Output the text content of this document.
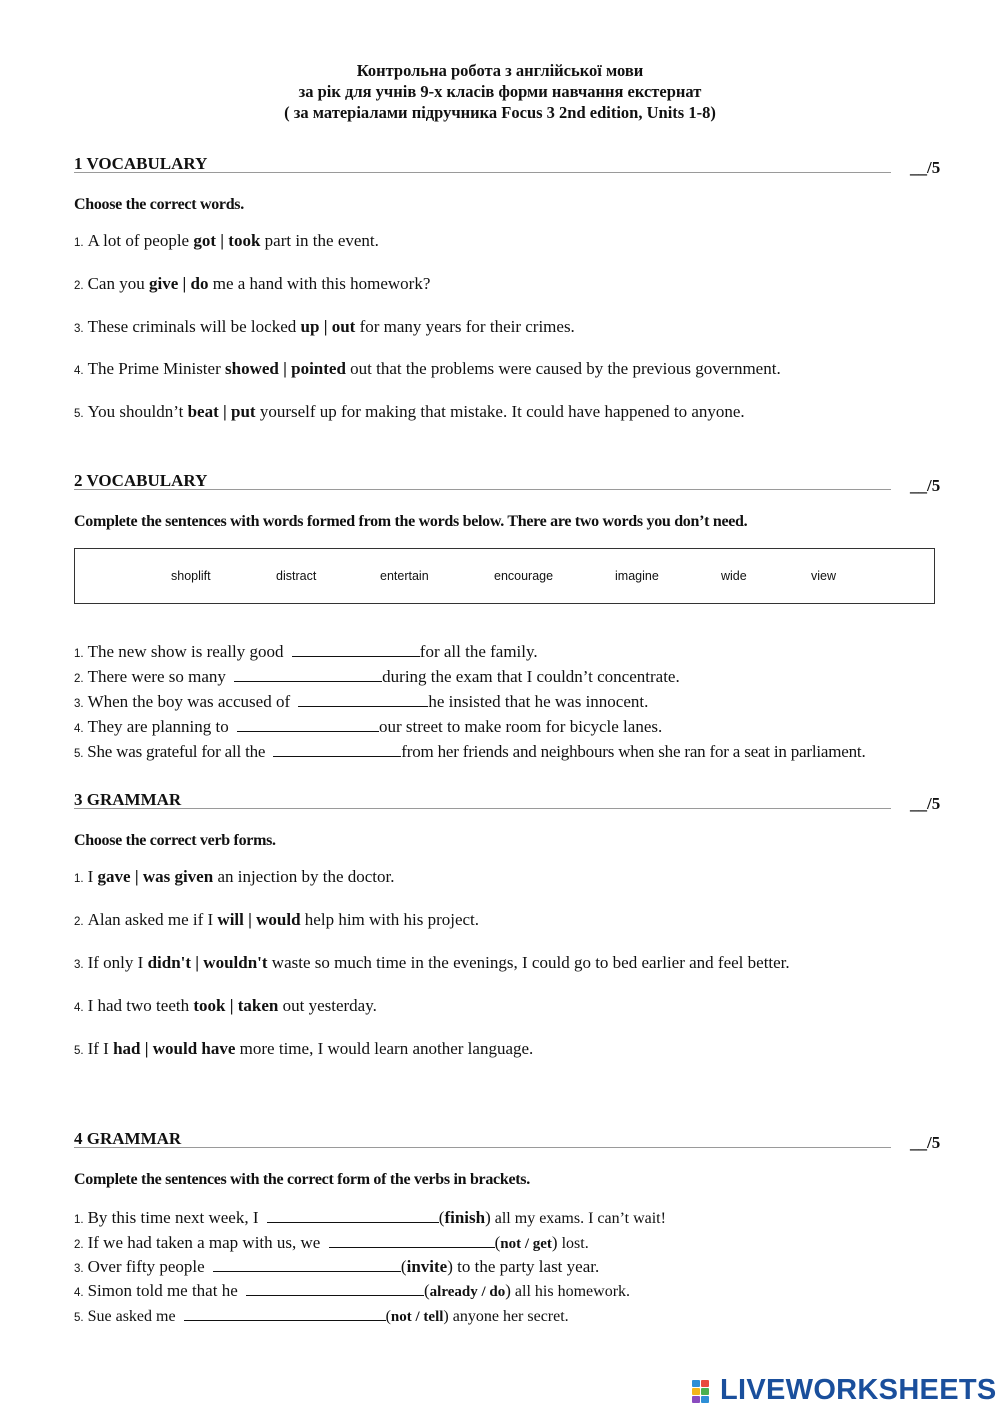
Контрольна робота з англійської мови
за рік для учнів 9-х класів форми навчання екстернат
( за матеріалами підручника Focus 3 2nd edition, Units 1-8)
1 VOCABULARY	__/5
Choose the correct words.
1. A lot of people got | took part in the event.
2. Can you give | do me a hand with this homework?
3. These criminals will be locked up | out for many years for their crimes.
4. The Prime Minister showed | pointed out that the problems were caused by the previous government.
5. You shouldn’t beat | put yourself up for making that mistake. It could have happened to anyone.
2 VOCABULARY	__/5
Complete the sentences with words formed from the words below. There are two words you don’t need.
shoplift	distract	entertain	encourage	imagine	wide	view
1. The new show is really good	for all the family.
2. There were so many	during the exam that I couldn’t concentrate.
3. When the boy was accused of	he insisted that he was innocent.
4. They are planning to	our street to make room for bicycle lanes.
5. She was grateful for all the	from her friends and neighbours when she ran for a seat in parliament.
3 GRAMMAR	__/5
Choose the correct verb forms.
1. I gave | was given an injection by the doctor.
2. Alan asked me if I will | would help him with his project.
3. If only I didn't | wouldn't waste so much time in the evenings, I could go to bed earlier and feel better.
4. I had two teeth took | taken out yesterday.
5. If I had | would have more time, I would learn another language.
4 GRAMMAR	__/5
Complete the sentences with the correct form of the verbs in brackets.
1. By this time next week, I	(finish) all my exams. I can’t wait!
2. If we had taken a map with us, we	(not / get) lost.
3. Over fifty people	(invite) to the party last year.
4. Simon told me that he	(already / do) all his homework.
5. Sue asked me	(not / tell) anyone her secret.
LIVEWORKSHEETS
